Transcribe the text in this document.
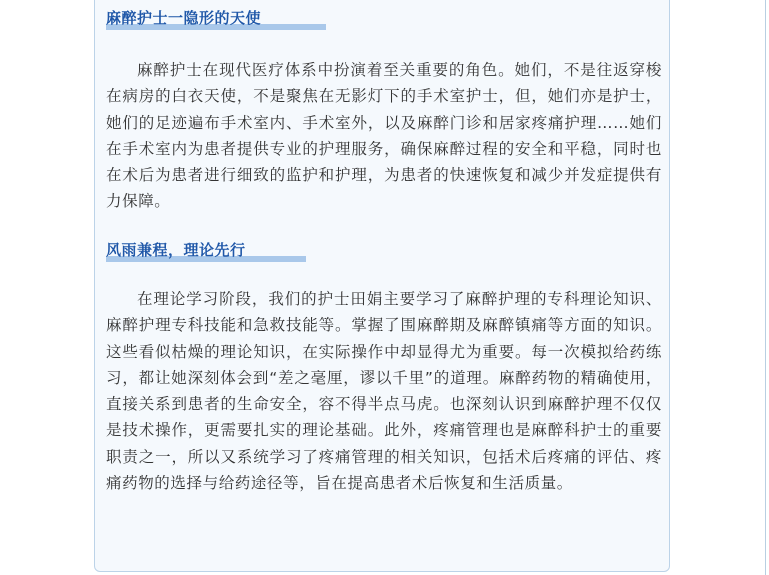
麻醉护士一隐形的天使

麻醉护士在现代医疗体系中扮演着至关重要的角色。她们，不是往返穿梭在病房的白衣天使，不是聚焦在无影灯下的手术室护士，但，她们亦是护士，她们的足迹遍布手术室内、手术室外，以及麻醉门诊和居家疼痛护理……她们在手术室内为患者提供专业的护理服务，确保麻醉过程的安全和平稳，同时也在术后为患者进行细致的监护和护理，为患者的快速恢复和减少并发症提供有力保障。

风雨兼程，理论先行

在理论学习阶段，我们的护士田娟主要学习了麻醉护理的专科理论知识、麻醉护理专科技能和急救技能等。掌握了围麻醉期及麻醉镇痛等方面的知识。这些看似枯燥的理论知识，在实际操作中却显得尤为重要。每一次模拟给药练习，都让她深刻体会到“差之毫厘，谬以千里”的道理。麻醉药物的精确使用，直接关系到患者的生命安全，容不得半点马虎。也深刻认识到麻醉护理不仅仅是技术操作，更需要扎实的理论基础。此外，疼痛管理也是麻醉科护士的重要职责之一，所以又系统学习了疼痛管理的相关知识，包括术后疼痛的评估、疼痛药物的选择与给药途径等，旨在提高患者术后恢复和生活质量。
